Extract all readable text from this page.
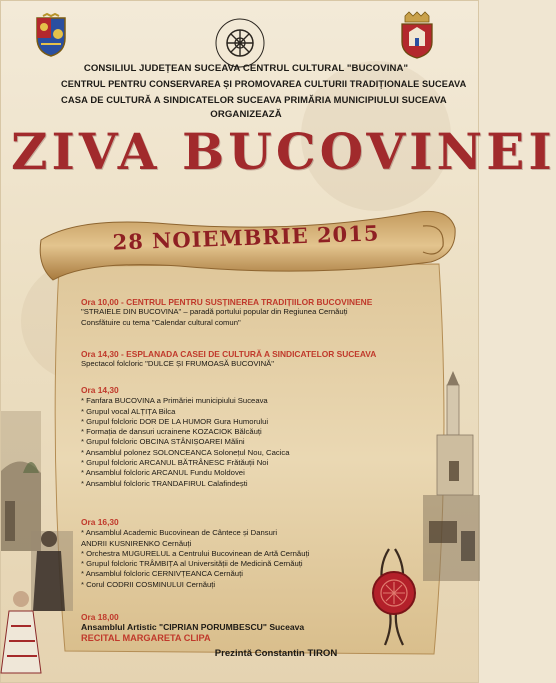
CONSILIUL JUDEȚEAN SUCEAVA CENTRUL CULTURAL "BUCOVINA"
CENTRUL PENTRU CONSERVAREA ȘI PROMOVAREA CULTURII TRADIȚIONALE SUCEAVA
CASA DE CULTURĂ A SINDICATELOR SUCEAVA PRIMĂRIA MUNICIPIULUI SUCEAVA
ORGANIZEAZĂ
ZIVA BUCOVINEI
28 NOIEMBRIE 2015

Ora 10,00 - CENTRUL PENTRU SUSȚINEREA TRADIȚIILOR BUCOVINENE

"STRAIELE DIN BUCOVINA" – paradă portului popular din Regiunea Cernăuți

Consfătuire cu tema "Calendar cultural comun"

Ora 14,30 - ESPLANADA CASEI DE CULTURĂ A SINDICATELOR SUCEAVA

Spectacol folcloric "DULCE ȘI FRUMOASĂ BUCOVINĂ"

Ora 14,30

* Fanfara BUCOVINA a Primăriei municipiului Suceava

* Grupul vocal ALȚIȚA Bilca

* Grupul folcloric DOR DE LA HUMOR Gura Humorului

* Formația de dansuri ucrainene KOZACIOK Bălcăuți

* Grupul folcloric OBCINA STÂNIȘOAREI Mălini

* Ansamblul polonez SOLONCEANCA Solonețul Nou, Cacica

* Grupul folcloric ARCANUL BĂTRÂNESC Frătăuții Noi

* Ansamblul folcloric ARCANUL Fundu Moldovei

* Ansamblul folcloric TRANDAFIRUL Calafindești

Ora 16,30

* Ansamblul Academic Bucovinean de Cântece și Dansuri

ANDRII KUSNIRENKO Cernăuți

* Orchestra MUGURELUL a Centrului Bucovinean de Artă Cernăuți

* Grupul folcloric TRÂMBIȚA al Universității de Medicină Cernăuți

* Ansamblul folcloric CERNIVȚEANCA Cernăuți

* Corul CODRII COSMINULUI Cernăuți

Ora 18,00

Ansamblul Artistic "CIPRIAN PORUMBESCU" Suceava

RECITAL MARGARETA CLIPA

Prezintă Constantin TIRON
